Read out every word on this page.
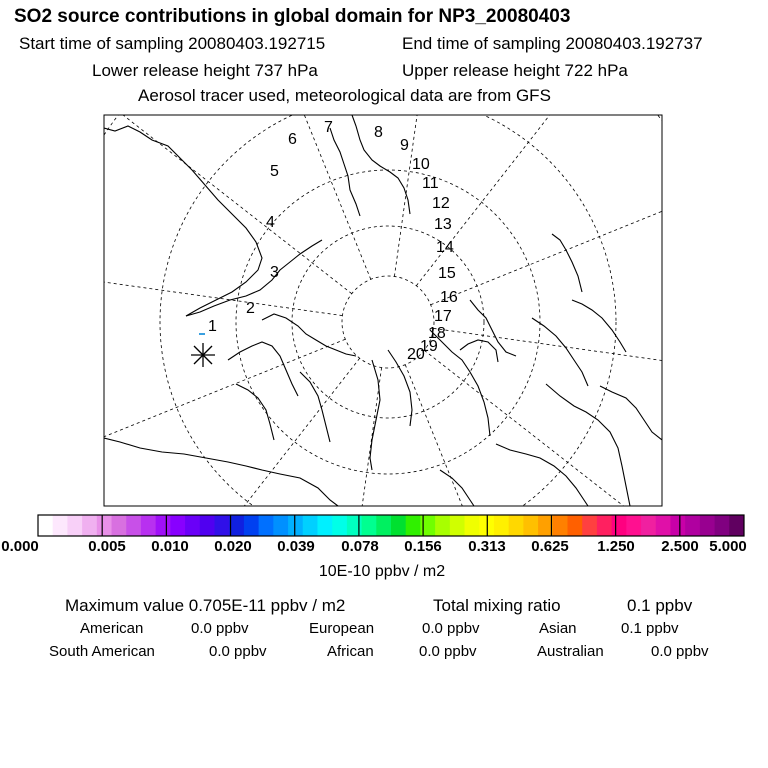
SO2 source contributions in global domain for NP3_20080403
Start time of sampling 20080403.192715	End time of sampling 20080403.192737
Lower release height 737 hPa	Upper release height 722 hPa
Aerosol tracer used, meteorological data are from GFS
1
2
3
4
5
6
7	8
9
10
11
12
13
14
15
16
17
18
19
20
0.000	0.005 0.010 0.020 0.039 0.078 0.156 0.313 0.625 1.250 2.500 5.000
10E-10 ppbv / m2
Maximum value 0.705E-11 ppbv / m2	Total mixing ratio	0.1 ppbv
American	0.0 ppbv	European	0.0 ppbv	Asian	0.1 ppbv
South American	0.0 ppbv	African	0.0 ppbv	Australian	0.0 ppbv
